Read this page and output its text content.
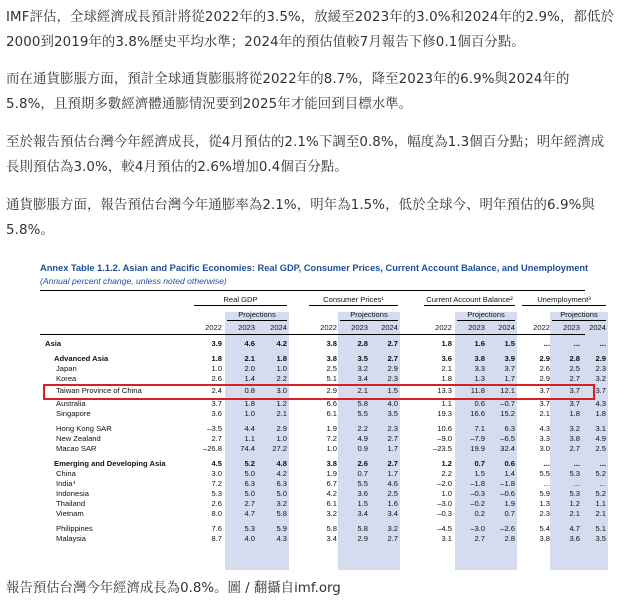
IMF評估，全球經濟成長預計將從2022年的3.5%，放緩至2023年的3.0%和2024年的2.9%，都低於2000到2019年的3.8%歷史平均水準；2024年的預估值較7月報告下修0.1個百分點。

而在通貨膨脹方面，預計全球通貨膨脹將從2022年的8.7%，降至2023年的6.9%與2024年的5.8%，且預期多數經濟體通膨情況要到2025年才能回到目標水準。

至於報告預估台灣今年經濟成長，從4月預估的2.1%下調至0.8%，幅度為1.3個百分點；明年經濟成長則預估為3.0%，較4月預估的2.6%增加0.4個百分點。

通貨膨脹方面，報告預估台灣今年通膨率為2.1%，明年為1.5%，低於全球今、明年預估的6.9%與5.8%。

Annex Table 1.1.2. Asian and Pacific Economies: Real GDP, Consumer Prices, Current Account Balance, and Unemployment
(Annual percent change, unless noted otherwise)
Real GDP
Projections
2022	2023	2024
Consumer Prices¹
Projections
2022	2023	2024
Current Account Balance²
Projections
2022	2023	2024
Unemployment³
Projections
2022	2023	2024
Asia	3.9	4.6	4.2	3.8	2.8	2.7	1.8	1.6	1.5	...	...	...
Advanced Asia	1.8	2.1	1.8	3.8	3.5	2.7	3.6	3.8	3.9	2.9	2.8	2.9
Japan	1.0	2.0	1.0	2.5	3.2	2.9	2.1	3.3	3.7	2.6	2.5	2.3
Korea	2.6	1.4	2.2	5.1	3.4	2.3	1.8	1.3	1.7	2.9	2.7	3.2
Taiwan Province of China	2.4	0.8	3.0	2.9	2.1	1.5	13.3	11.8	12.1	3.7	3.7	3.7
Australia	3.7	1.8	1.2	6.6	5.8	4.0	1.1	0.6	–0.7	3.7	3.7	4.3
Singapore	3.6	1.0	2.1	6.1	5.5	3.5	19.3	16.6	15.2	2.1	1.8	1.8
Hong Kong SAR	–3.5	4.4	2.9	1.9	2.2	2.3	10.6	7.1	6.3	4.3	3.2	3.1
New Zealand	2.7	1.1	1.0	7.2	4.9	2.7	–9.0	–7.9	–6.5	3.3	3.8	4.9
Macao SAR	–26.8	74.4	27.2	1.0	0.9	1.7	–23.5	19.9	32.4	3.0	2.7	2.5
Emerging and Developing Asia	4.5	5.2	4.8	3.8	2.6	2.7	1.2	0.7	0.6	...	...	...
China	3.0	5.0	4.2	1.9	0.7	1.7	2.2	1.5	1.4	5.5	5.3	5.2
India⁴	7.2	6.3	6.3	6.7	5.5	4.6	–2.0	–1.8	–1.8	...	...	...
Indonesia	5.3	5.0	5.0	4.2	3.6	2.5	1.0	–0.3	–0.6	5.9	5.3	5.2
Thailand	2.6	2.7	3.2	6.1	1.5	1.6	–3.0	–0.2	1.9	1.3	1.2	1.1
Vietnam	8.0	4.7	5.8	3.2	3.4	3.4	–0.3	0.2	0.7	2.3	2.1	2.1
Philippines	7.6	5.3	5.9	5.8	5.8	3.2	–4.5	–3.0	–2.6	5.4	4.7	5.1
Malaysia	8.7	4.0	4.3	3.4	2.9	2.7	3.1	2.7	2.8	3.8	3.6	3.5
報告預估台灣今年經濟成長為0.8%。圖 / 翻攝自imf.org
